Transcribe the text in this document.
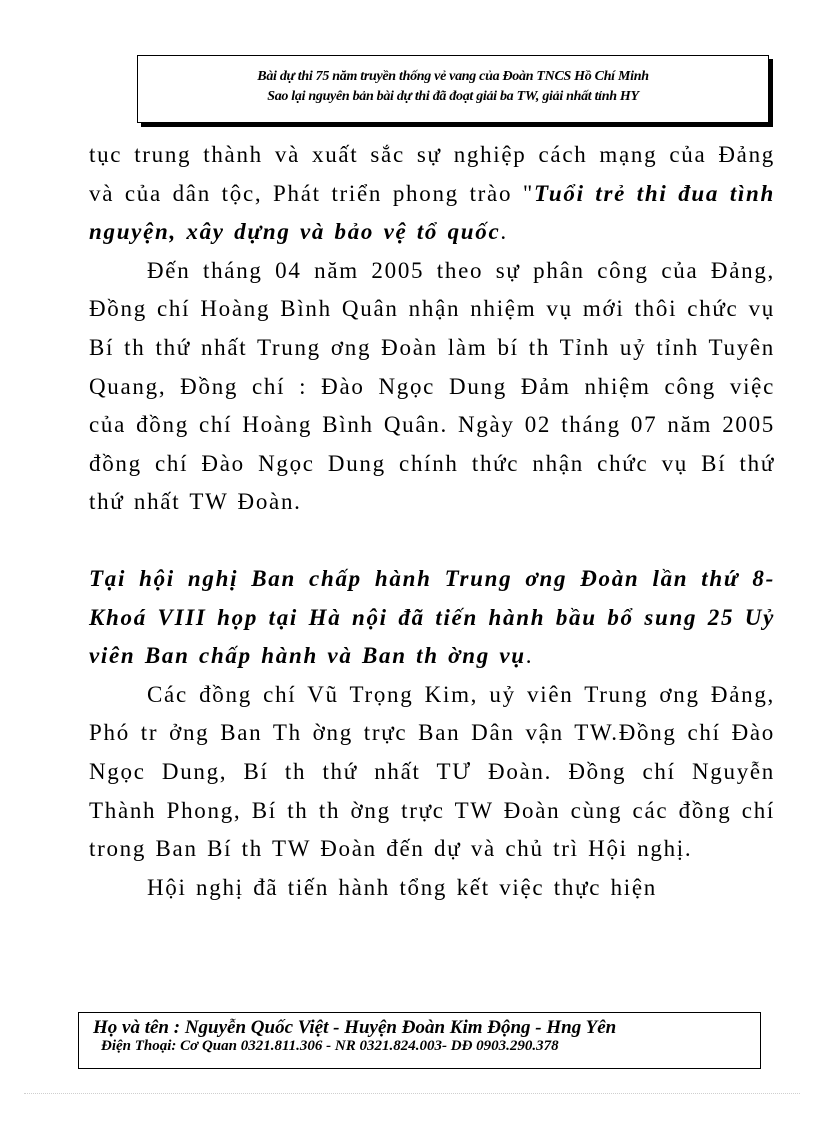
Bài dự thi 75 năm truyền thống vẻ vang của Đoàn TNCS Hồ Chí Minh
Sao lại nguyên bản bài dự thi đã đoạt giải ba TW, giải nhất tỉnh HY

tục trung thành và xuất sắc sự nghiệp cách mạng của Đảng và của dân tộc, Phát triển phong trào "Tuổi trẻ thi đua tình nguyện, xây dựng và bảo vệ tổ quốc.

Đến tháng 04 năm 2005 theo sự phân công của Đảng, Đồng chí Hoàng Bình Quân nhận nhiệm vụ mới thôi chức vụ Bí th thứ nhất Trung ơng Đoàn làm bí th Tỉnh uỷ tỉnh Tuyên Quang, Đồng chí : Đào Ngọc Dung Đảm nhiệm công việc của đồng chí Hoàng Bình Quân. Ngày 02 tháng 07 năm 2005 đồng chí Đào Ngọc Dung chính thức nhận chức vụ Bí thứ thứ nhất TW Đoàn.

Tại hội nghị Ban chấp hành Trung ơng Đoàn lần thứ 8- Khoá VIII họp tại Hà nội đã tiến hành bầu bổ sung 25 Uỷ viên Ban chấp hành và Ban th ờng vụ.

Các đồng chí Vũ Trọng Kim, uỷ viên Trung ơng Đảng, Phó tr ởng Ban Th ờng trực Ban Dân vận TW.Đồng chí Đào Ngọc Dung, Bí th thứ nhất TƯ Đoàn. Đồng chí Nguyễn Thành Phong, Bí th th ờng trực TW Đoàn cùng các đồng chí trong Ban Bí th TW Đoàn đến dự và chủ trì Hội nghị.

Hội nghị đã tiến hành tổng kết việc thực hiện

Họ và tên : Nguyễn Quốc Việt - Huyện Đoàn Kim Động - Hng Yên
Điện Thoại: Cơ Quan 0321.811.306 - NR 0321.824.003- DĐ 0903.290.378
